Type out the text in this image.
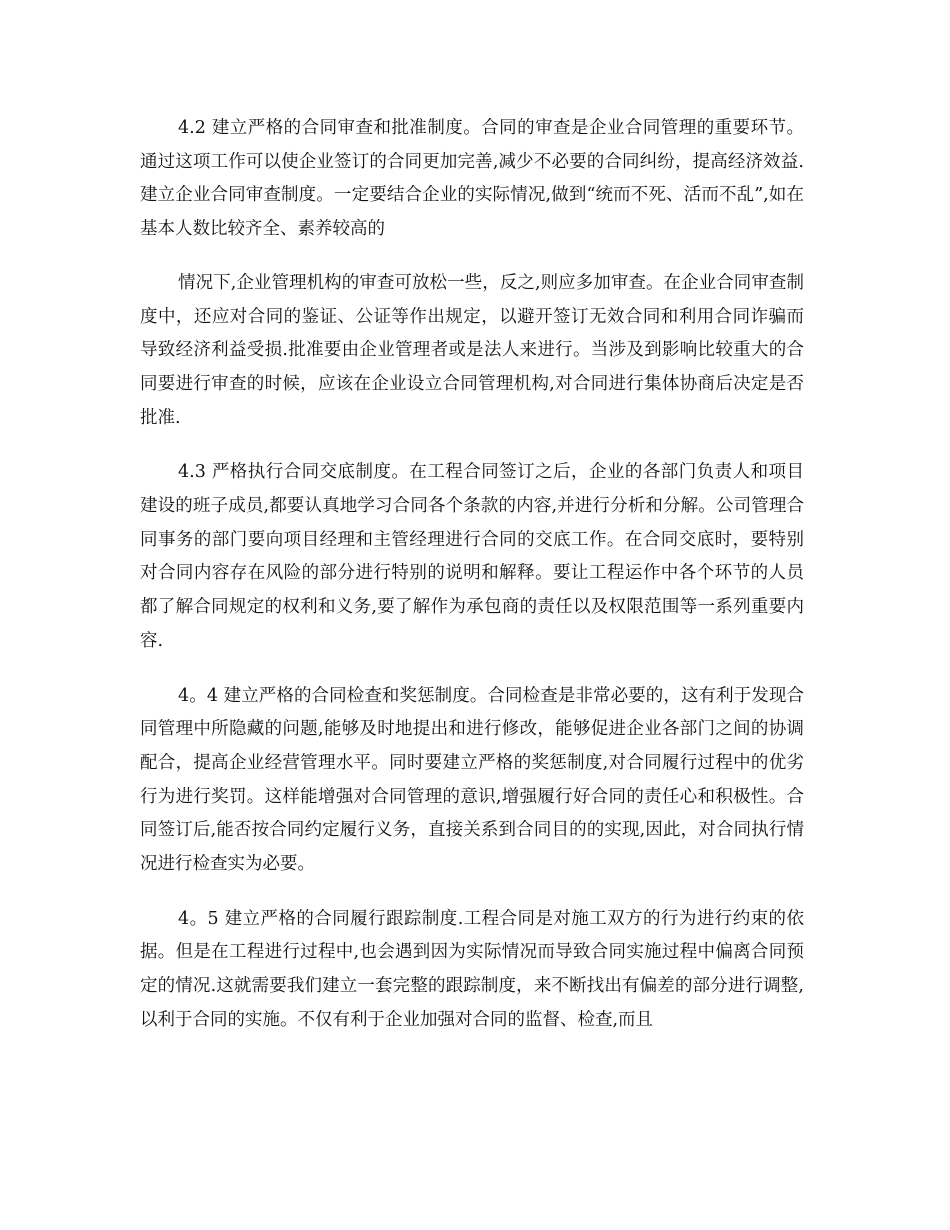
4.2 建立严格的合同审查和批准制度。合同的审查是企业合同管理的重要环节。通过这项工作可以使企业签订的合同更加完善,减少不必要的合同纠纷，提高经济效益.建立企业合同审查制度。一定要结合企业的实际情况,做到“统而不死、活而不乱”,如在基本人数比较齐全、素养较高的

情况下,企业管理机构的审查可放松一些，反之,则应多加审查。在企业合同审查制度中，还应对合同的鉴证、公证等作出规定，以避开签订无效合同和利用合同诈骗而导致经济利益受损.批准要由企业管理者或是法人来进行。当涉及到影响比较重大的合同要进行审查的时候，应该在企业设立合同管理机构,对合同进行集体协商后决定是否批准.

4.3 严格执行合同交底制度。在工程合同签订之后，企业的各部门负责人和项目建设的班子成员,都要认真地学习合同各个条款的内容,并进行分析和分解。公司管理合同事务的部门要向项目经理和主管经理进行合同的交底工作。在合同交底时，要特别对合同内容存在风险的部分进行特别的说明和解释。要让工程运作中各个环节的人员都了解合同规定的权利和义务,要了解作为承包商的责任以及权限范围等一系列重要内容.

4。4 建立严格的合同检查和奖惩制度。合同检查是非常必要的，这有利于发现合同管理中所隐藏的问题,能够及时地提出和进行修改，能够促进企业各部门之间的协调配合，提高企业经营管理水平。同时要建立严格的奖惩制度,对合同履行过程中的优劣行为进行奖罚。这样能增强对合同管理的意识,增强履行好合同的责任心和积极性。合同签订后,能否按合同约定履行义务，直接关系到合同目的的实现,因此，对合同执行情况进行检查实为必要。

4。5 建立严格的合同履行跟踪制度.工程合同是对施工双方的行为进行约束的依据。但是在工程进行过程中,也会遇到因为实际情况而导致合同实施过程中偏离合同预定的情况.这就需要我们建立一套完整的跟踪制度，来不断找出有偏差的部分进行调整,以利于合同的实施。不仅有利于企业加强对合同的监督、检查,而且
